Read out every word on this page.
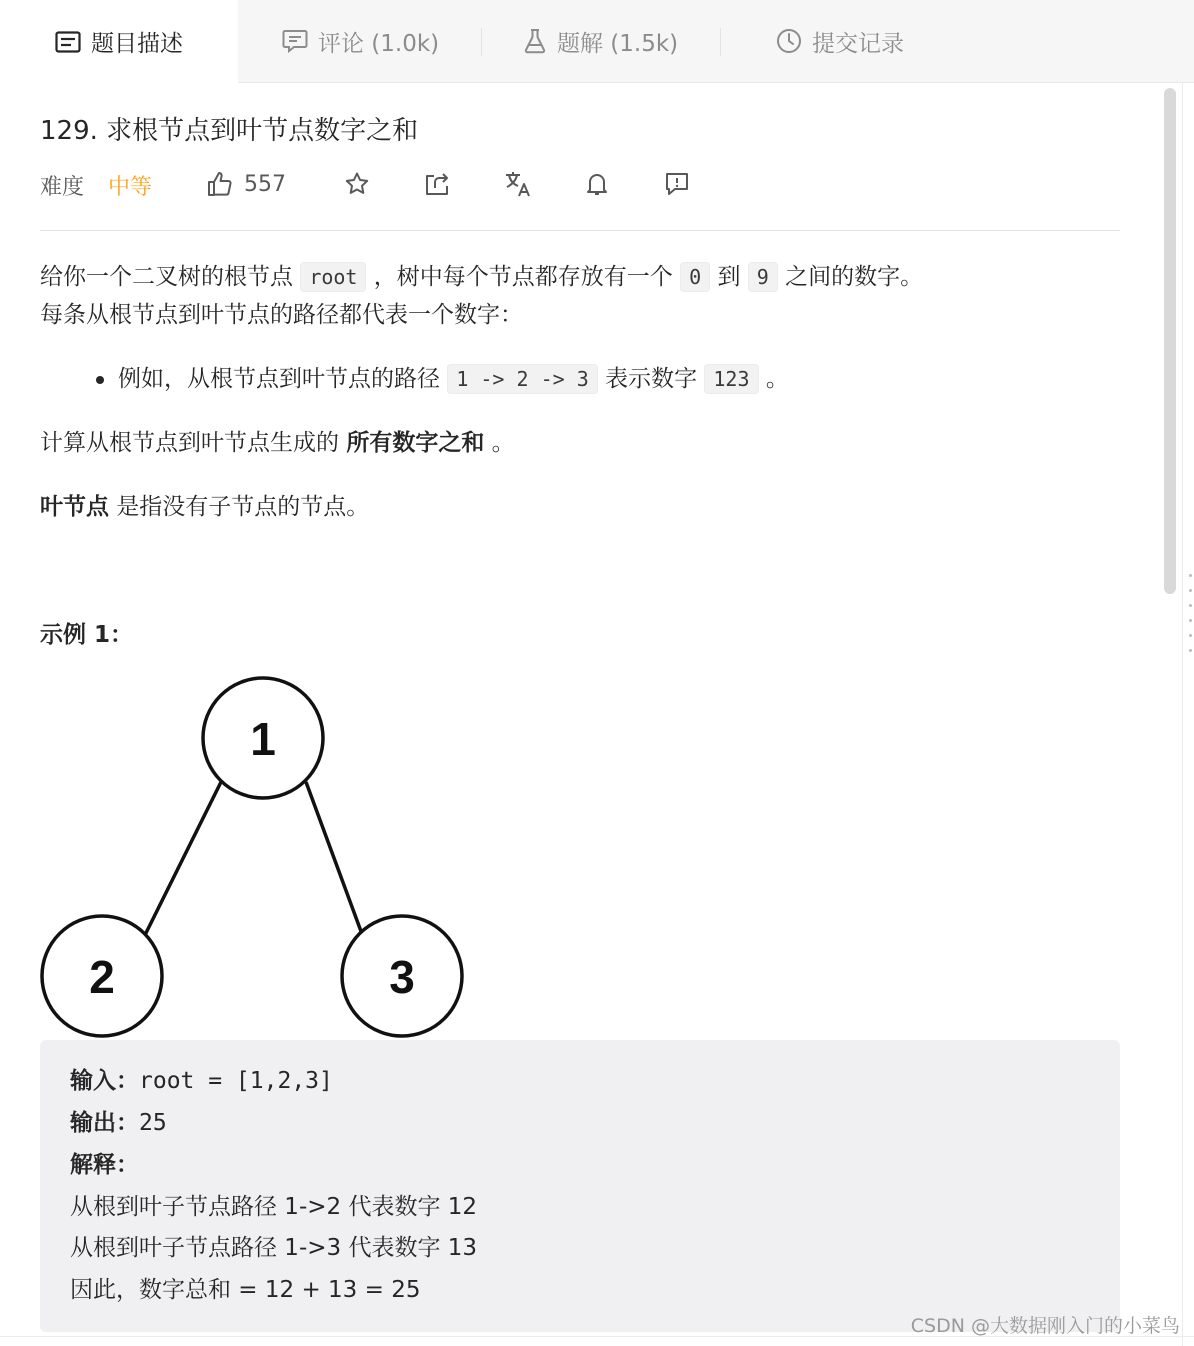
题目描述	评论 (1.0k)	题解 (1.5k)	提交记录
129. 求根节点到叶节点数字之和
难度 中等	557
给你一个二叉树的根节点 root ，树中每个节点都存放有一个 0 到 9 之间的数字。
每条从根节点到叶节点的路径都代表一个数字：
例如，从根节点到叶节点的路径 1 -> 2 -> 3 表示数字 123 。
计算从根节点到叶节点生成的 所有数字之和 。
叶节点 是指没有子节点的节点。
示例 1：
1
2	3
输入：root = [1,2,3]
输出：25
解释：
从根到叶子节点路径 1->2 代表数字 12
从根到叶子节点路径 1->3 代表数字 13
因此，数字总和 = 12 + 13 = 25
CSDN @大数据刚入门的小菜鸟
